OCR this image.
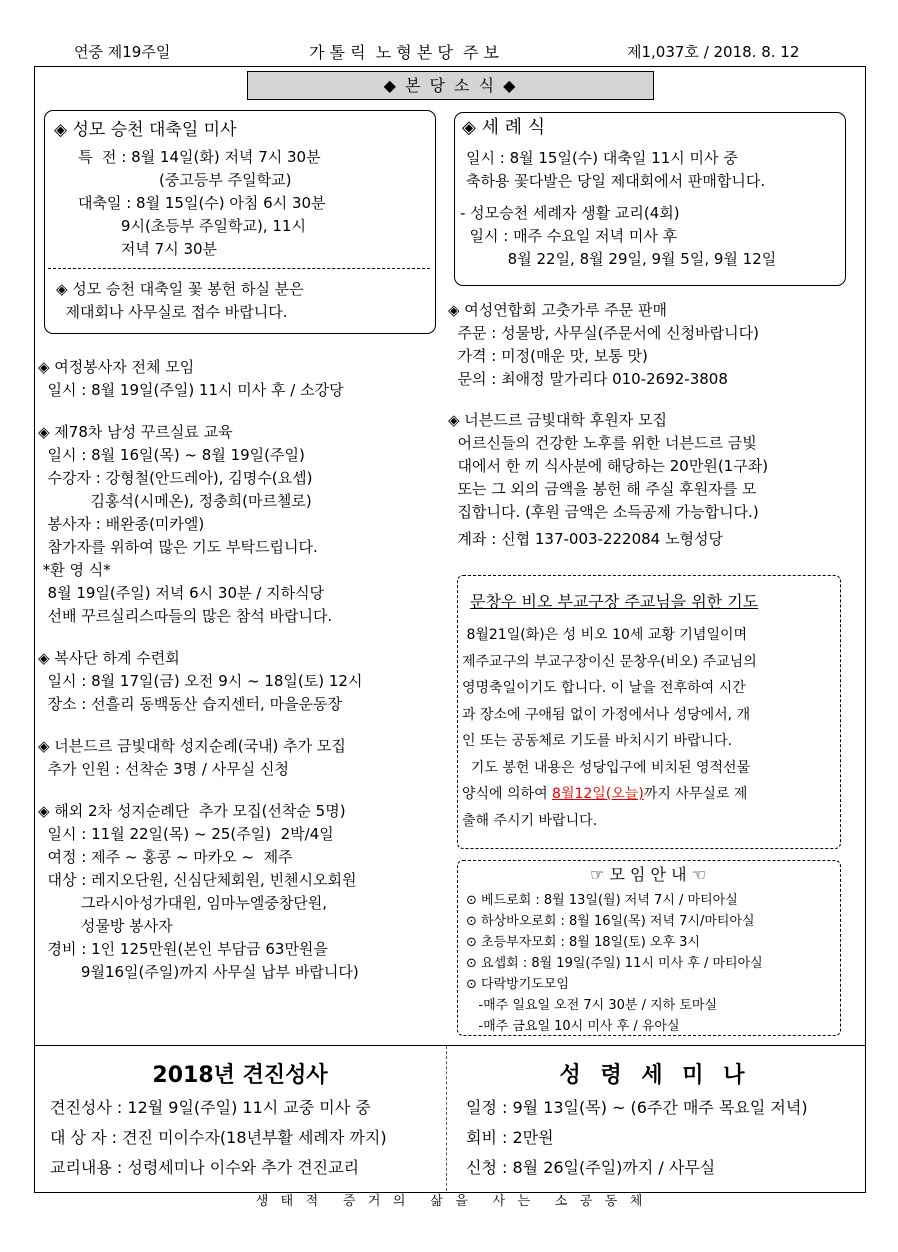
연중 제19주일	가 톨 릭  노 형 본 당  주 보	제1,037호 / 2018. 8. 12
◆ 본 당 소 식 ◆
◈ 성모 승천 대축일 미사
특  전 : 8월 14일(화) 저녁 7시 30분
(중고등부 주일학교)
대축일 : 8월 15일(수) 아침 6시 30분
9시(초등부 주일학교), 11시
저녁 7시 30분
◈ 성모 승천 대축일 꽃 봉헌 하실 분은
제대회나 사무실로 접수 바랍니다.
◈ 세 례 식
일시 : 8월 15일(수) 대축일 11시 미사 중
축하용 꽃다발은 당일 제대회에서 판매합니다.
- 성모승천 세례자 생활 교리(4회)
일시 : 매주 수요일 저녁 미사 후
8월 22일, 8월 29일, 9월 5일, 9월 12일
◈ 여정봉사자 전체 모임
일시 : 8월 19일(주일) 11시 미사 후 / 소강당
◈ 제78차 남성 꾸르실료 교육
일시 : 8월 16일(목) ~ 8월 19일(주일)
수강자 : 강형철(안드레아), 김명수(요셉)
김홍석(시메온), 정충희(마르첼로)
봉사자 : 배완종(미카엘)
참가자를 위하여 많은 기도 부탁드립니다.
*환 영 식*
8월 19일(주일) 저녁 6시 30분 / 지하식당
선배 꾸르실리스따들의 많은 참석 바랍니다.
◈ 복사단 하계 수련회
일시 : 8월 17일(금) 오전 9시 ~ 18일(토) 12시
장소 : 선흘리 동백동산 습지센터, 마을운동장
◈ 너븐드르 금빛대학 성지순례(국내) 추가 모집
추가 인원 : 선착순 3명 / 사무실 신청
◈ 해외 2차 성지순례단  추가 모집(선착순 5명)
일시 : 11월 22일(목) ~ 25(주일)  2박/4일
여정 : 제주 ~ 홍콩 ~ 마카오 ~  제주
대상 : 레지오단원, 신심단체회원, 빈첸시오회원
그라시아성가대원, 임마누엘중창단원,
성물방 봉사자
경비 : 1인 125만원(본인 부담금 63만원을
9월16일(주일)까지 사무실 납부 바랍니다)
◈ 여성연합회 고춧가루 주문 판매
주문 : 성물방, 사무실(주문서에 신청바랍니다)
가격 : 미정(매운 맛, 보통 맛)
문의 : 최애정 말가리다 010-2692-3808
◈ 너븐드르 금빛대학 후원자 모집
어르신들의 건강한 노후를 위한 너븐드르 금빛
대에서 한 끼 식사분에 해당하는 20만원(1구좌)
또는 그 외의 금액을 봉헌 해 주실 후원자를 모
집합니다. (후원 금액은 소득공제 가능합니다.)
계좌 : 신협 137-003-222084 노형성당
문창우 비오 부교구장 주교님을 위한 기도
8월21일(화)은 성 비오 10세 교황 기념일이며
제주교구의 부교구장이신 문창우(비오) 주교님의
영명축일이기도 합니다. 이 날을 전후하여 시간
과 장소에 구애됨 없이 가정에서나 성당에서, 개
인 또는 공동체로 기도를 바치시기 바랍니다.
기도 봉헌 내용은 성당입구에 비치된 영적선물
양식에 의하여 8월12일(오늘)까지 사무실로 제
출해 주시기 바랍니다.
☞ 모 임 안 내 ☜
⊙ 베드로회 : 8월 13일(월) 저녁 7시 / 마티아실
⊙ 하상바오로회 : 8월 16일(목) 저녁 7시/마티아실
⊙ 초등부자모회 : 8월 18일(토) 오후 3시
⊙ 요셉회 : 8월 19일(주일) 11시 미사 후 / 마티아실
⊙ 다락방기도모임
-매주 일요일 오전 7시 30분 / 지하 토마실
-매주 금요일 10시 미사 후 / 유아실
2018년 견진성사	성 령 세 미 나
견진성사 : 12월 9일(주일) 11시 교중 미사 중
대 상 자 : 견진 미이수자(18년부활 세례자 까지)
교리내용 : 성령세미나 이수와 추가 견진교리
일정 : 9월 13일(목) ~ (6주간 매주 목요일 저녁)
회비 : 2만원
신청 : 8월 26일(주일)까지 / 사무실
생   태   적      증   거   의      삶   을      사   는      소   공   동   체
